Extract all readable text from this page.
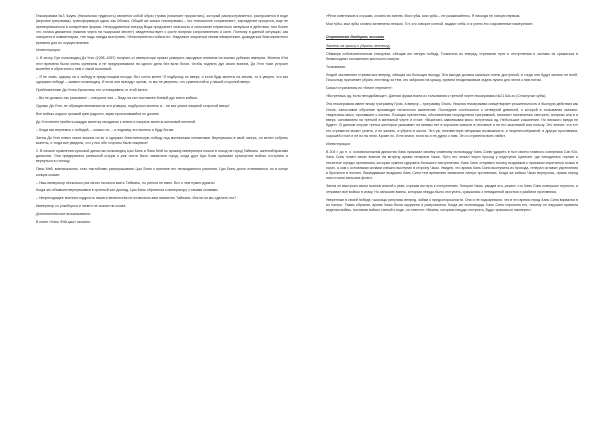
Гексаграмма №3 Чжунь (Начальная трудность) является собой образ (трава (начинает прорастать), который распространяется, распускается в воде (верхняя триграмма), трансформируя здесь как Облака. Общий же смысл гексаграммы – это «начальное сохранение», зарождение процесса, еще не претворившегося в конкретные формы. Непродуманное вперед Вода предлагает опасность и испытание первичного импульса в действии; тем более что логика движения (нижняя черта на «широком месте») свидетельствует о росте вопреки сопротивлению и силе. Поэтому в данной ситуации, как говорится в комментарии, «не надо никуда выступать, «благоприятна стойкость». Надлежит опираться своим намерением, дожидаться благоприятного времени для их осуществления.

Иллюстрация:

1. В эпоху Сун полководец Дэ Угэн (1008–1057) получил от императора приказ усмирить народные племена на южных рубежах империи. Жители Юга этот времени были очень суеверны и не предпринимали ни одного дела без воли богов. Чтобы поднять дух своих воинов, Дэ Угэн тоже устроил молебен и обратился к ним с такой молитвой:

– Я не знаю, одержу ли я победу в предстоящем походе. Вот сотня монет. Я подброшу их вверх, и если будь монеты на землю, то я уверен, что мы одержим победу! – заявил полководец. И если они выпадут орлом, то мы не уверены, что сумеем пойти у нашей стороной вверх.

Приближенные Ди Угэна бросились его отговаривать от этой затеи:

– Вы не должны так рисковать! – говорили они. – Ведь на кон поставлен боевой дух всего войска.

Однако Ди Угэн, не обращая внимания на эти уговоры, подбросил монеты и... ни все упали лицевой стороной вверх!

Все войско издало громкий крик радости, звуки проносившийся по долине.

Ди Угэн велел прибить каждую монетку гвоздиком к земле и накрыть монеты шелковой пеленой.

– Когда мы вернемся с победой, – сказал он, – я подниму эти монеты и буду богам.

Затем Ди Угэн повел своих воинов на юг и одержал блистательную победу над мятежными племенами. Вернувшись в свой лагерь, он велел собрать монеты, и тогда все увидели, что у них обе стороны были лицевые!

2. В начале правления суньской династии полководец Цао Бинь и Пань Мэй по приказу императора пошли в поход на город Тайюань, занятый врагами династии. Они предприняли успешный штурм и уже почти было захватили город, когда друг Цао Бинь приказал сухопутное войско отступить и вернуться в столицу.

Пань Мэй, военачальник, стал настойчиво расспрашивать Цао Биня о причине его неожиданного решения. Цао Бинь долго отнекивался, но в конце концов сказал:

– Наш император несколько раз лично пытался взять Тайюань, но успеха не имел. Вот о чем нужно думать!

Когда же объявили вернувшимся в тронный зал доклад, Цао Бинь обратился к императору с такими словами:

– Непреходящее военное мудрость нашего величества не позволило вам захватить Тайюань. Могли ли мы сделать это?

Император со улыбнулся и ничего не сказал ни слова.

Дополнительные высказывания:

В книге «Хань Фэй-цзы» сказано:

«Речи советников я слушаю, словно во хмелю. Мои губы, мои зубы – не разжимайтесь. Я никогда не говорю первым.

Мои губы, мои зубы словно затвенены песком. Тот, кто говорит сонной, выдаст себя, и я учено его сокровенные намерения».

Стратагема двадцать восьмая

Завлечь на крышу и убрать лестницу

Обманув соблазнительным стимулом, обещав им легкую победу. Толкатель их вперед, отрезание пути и отступления и заставь их сражаться в безвыходных положениях жесткости смерти.

Толкование:

Людей заставляют стремиться вперед, обещая им большую выгоду. Эта выгода должна казаться очень доступной, и тогда они будут желать ее всей. Поскольку причиняет убрать лестницу за тем, кто забрался на крышу, причем неодинаковым отдать нужно для чести к ним потом.

Смысл стратагемы по «Книге перемен»:

«Встретишь яд, если неподобающе». Данная фраза взята из толкования к третьей черте гексаграммы №21 Ши-хо (Стиснутые зубы).

Эта гексаграмма имеет внизу триграмму Гром, а вверху – триграмму Огонь. Нижняя гексаграмма олицетворяет решительность и быструю действия как Огонь: заносчивое обучение производит ихтисточно изменение. Последнее соотносится с четвертой девяткой, о которой в толковании сказано: «вырезаны мясо, пропавшее к костям. Позиция прелестная, обозначенная посредством триграммой, начинает назначению смотреть, вопреки или в и вверх, основанием на третьей в мятежной черте и стоит: «Вырезать завоевывая мясо, встретишь яд. Небольшое сожаление. Но никакого вреда не будет». В данном случае третья шестерка указывает на мнимы нет в хорошем смысле в человеке и не его мыслимой или пользу. Это значит, что тот кто стремится может успеть, и не жалеть, а убрать в шести. Это уж, неизвестную ненужные возможность, и нецелесообразной, в другую противника, хорошей стоят и не по на этом. Кроме но. И не иначе, если во и не дурно с ним. Это и стратегия всех любит.

Иллюстрация:

В 204 г. до н. э. основоположник династии Хань приказал своему славному полководцу Хань Синю ударить в тыл своего главного соперника Сян Юя. Хань Синь повел своих воинов на встречу армии генерала Чжао. Путь его лежал через проход у подступов Цзинсин, где находились горные и лесистые отряды противника, которые сумели сдержать большого наступления. Хань Синь отправил тысячу всадников с приказом спрятаться ночью в горах, а сам с основными силами спешно выступил в сторону Чжао. Увидев, что армия Хань Синя выступила из прохода, генерал оставил укрепления и бросился в погоню. Выжидавшие всадники Хань Синя тем временем захватили лагерь противника. Когда же войско Чжао вернулось, прямо перед ним стояли ханьские флаги.

Затем он выстроил своих воинов спиной к реке, отрезав им путь к отступлению. Генерал Чжао, увидев это, решил, что Хань Синь совершил глупость, и отправил всё войско в атаку. Но ханьские воины, которым некуда было отступать, сражались с невиданной яростью и разбили противника.

Уверенные в своей победе, чжаосцы ринулись вперед, забыв о предосторожности. Они и не подозревали, что в это время отряд Хань Синя ворвался в их лагерь. Таким образом, армия Чжао была окружена и разгромлена. Когда же полководцы Хань Синя спросили его, почему он нарушил правила ведения войны, поставив войско спиной к воде, он ответил: «Воины, которым некуда отступать, будут сражаться насмерть».
